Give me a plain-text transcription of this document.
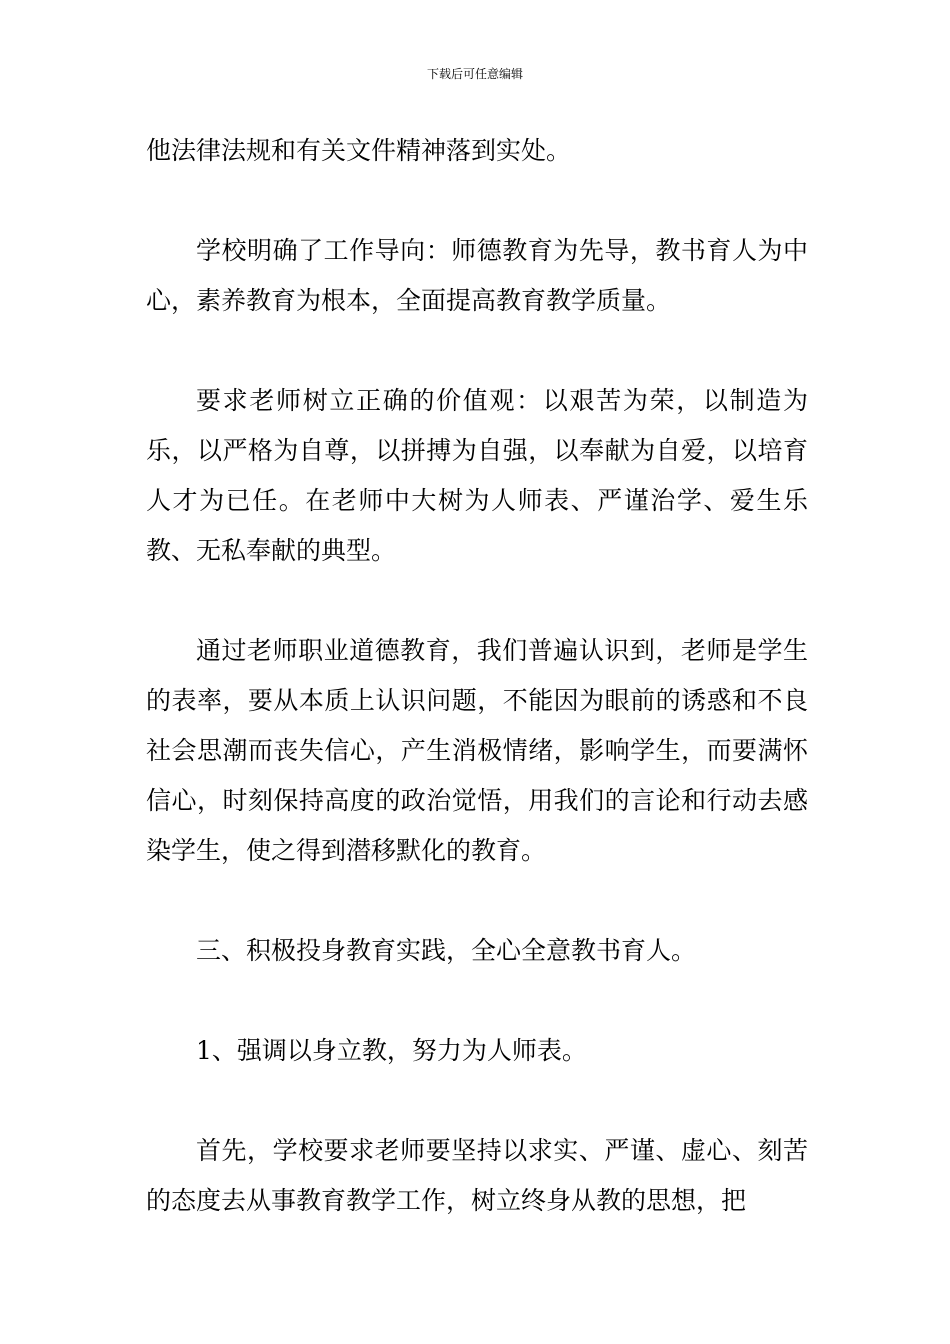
下载后可任意编辑

他法律法规和有关文件精神落到实处。

学校明确了工作导向：师德教育为先导，教书育人为中心，素养教育为根本，全面提高教育教学质量。

要求老师树立正确的价值观：以艰苦为荣，以制造为乐，以严格为自尊，以拼搏为自强，以奉献为自爱，以培育人才为已任。在老师中大树为人师表、严谨治学、爱生乐教、无私奉献的典型。

通过老师职业道德教育，我们普遍认识到，老师是学生的表率，要从本质上认识问题，不能因为眼前的诱惑和不良社会思潮而丧失信心，产生消极情绪，影响学生，而要满怀信心，时刻保持高度的政治觉悟，用我们的言论和行动去感染学生，使之得到潜移默化的教育。

三、积极投身教育实践，全心全意教书育人。

1、强调以身立教，努力为人师表。

首先，学校要求老师要坚持以求实、严谨、虚心、刻苦的态度去从事教育教学工作，树立终身从教的思想，把
